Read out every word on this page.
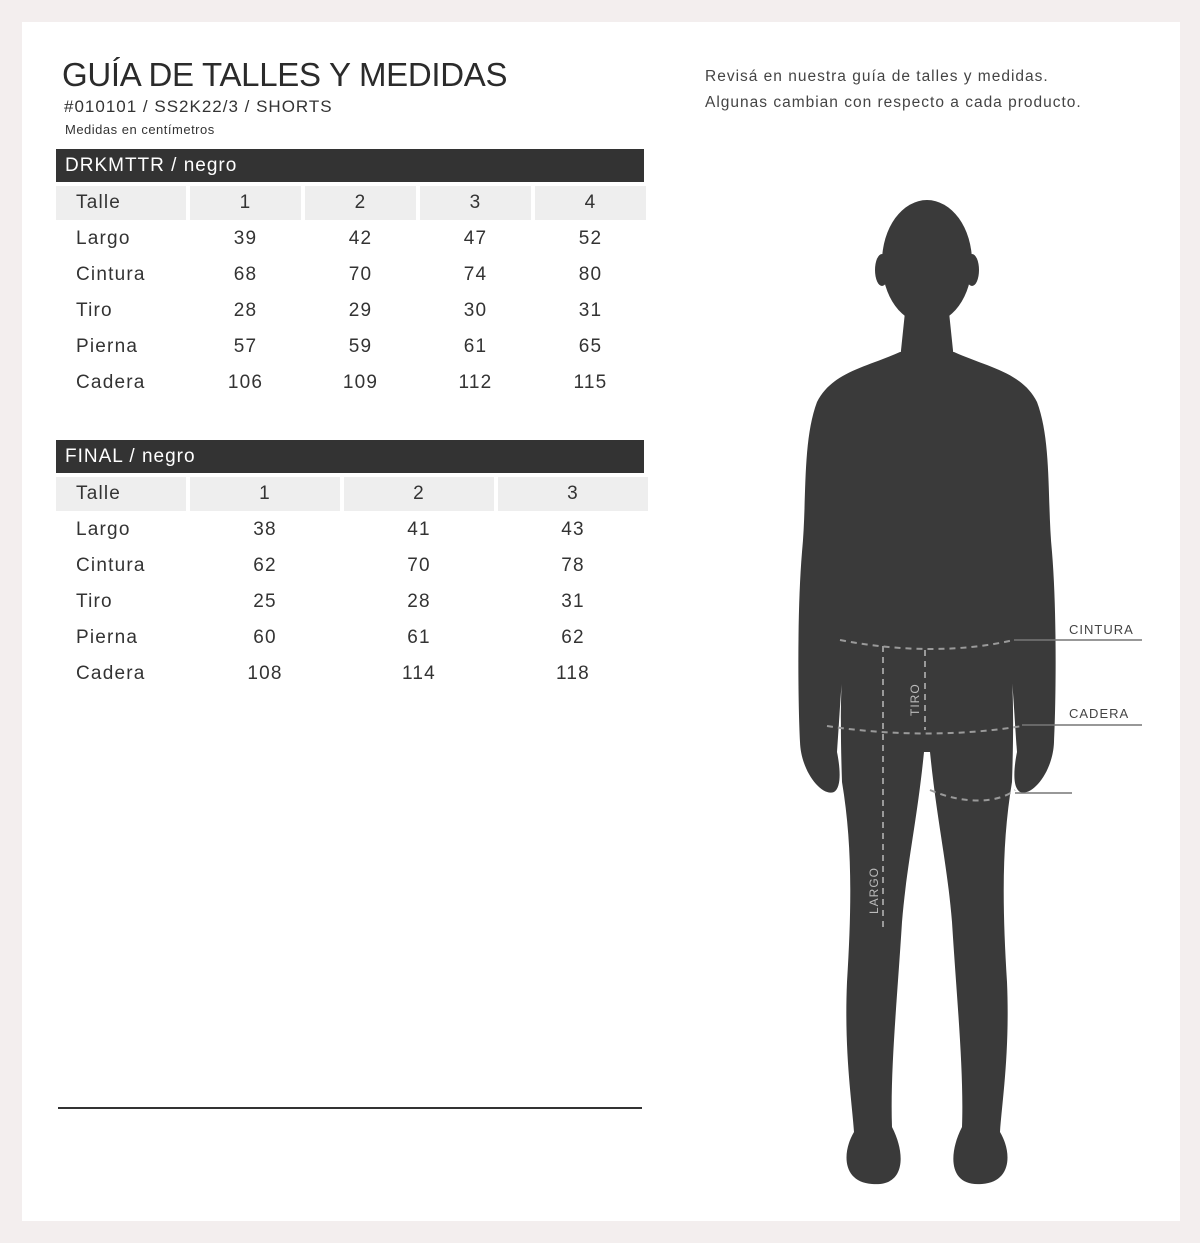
GUÍA DE TALLES Y MEDIDAS
#010101 / SS2K22/3 / SHORTS
Medidas en centímetros
Revisá en nuestra guía de talles y medidas.
Algunas cambian con respecto a cada producto.
DRKMTTR / negro
Talle	1	2	3	4
Largo	39	42	47	52
Cintura	68	70	74	80
Tiro	28	29	30	31
Pierna	57	59	61	65
Cadera	106	109	112	115
FINAL / negro
Talle	1	2	3
Largo	38	41	43
Cintura	62	70	78
Tiro	25	28	31
Pierna	60	61	62
Cadera	108	114	118
CINTURA
CADERA
TIRO
LARGO
